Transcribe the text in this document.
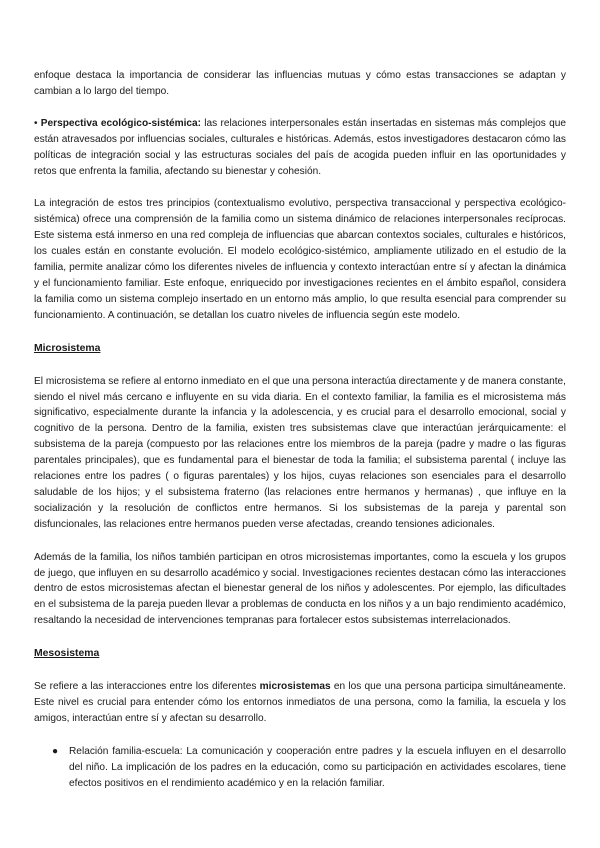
enfoque destaca la importancia de considerar las influencias mutuas y cómo estas transacciones se adaptan y cambian a lo largo del tiempo.

• Perspectiva ecológico-sistémica: las relaciones interpersonales están insertadas en sistemas más complejos que están atravesados por influencias sociales, culturales e históricas. Además, estos investigadores destacaron cómo las políticas de integración social y las estructuras sociales del país de acogida pueden influir en las oportunidades y retos que enfrenta la familia, afectando su bienestar y cohesión.

La integración de estos tres principios (contextualismo evolutivo, perspectiva transaccional y perspectiva ecológico-sistémica) ofrece una comprensión de la familia como un sistema dinámico de relaciones interpersonales recíprocas. Este sistema está inmerso en una red compleja de influencias que abarcan contextos sociales, culturales e históricos, los cuales están en constante evolución. El modelo ecológico-sistémico, ampliamente utilizado en el estudio de la familia, permite analizar cómo los diferentes niveles de influencia y contexto interactúan entre sí y afectan la dinámica y el funcionamiento familiar. Este enfoque, enriquecido por investigaciones recientes en el ámbito español, considera la familia como un sistema complejo insertado en un entorno más amplio, lo que resulta esencial para comprender su funcionamiento. A continuación, se detallan los cuatro niveles de influencia según este modelo.

Microsistema

El microsistema se refiere al entorno inmediato en el que una persona interactúa directamente y de manera constante, siendo el nivel más cercano e influyente en su vida diaria. En el contexto familiar, la familia es el microsistema más significativo, especialmente durante la infancia y la adolescencia, y es crucial para el desarrollo emocional, social y cognitivo de la persona. Dentro de la familia, existen tres subsistemas clave que interactúan jerárquicamente: el subsistema de la pareja (compuesto por las relaciones entre los miembros de la pareja (padre y madre o las figuras parentales principales), que es fundamental para el bienestar de toda la familia; el subsistema parental ( incluye las relaciones entre los padres ( o figuras parentales) y los hijos, cuyas relaciones son esenciales para el desarrollo saludable de los hijos; y el subsistema fraterno (las relaciones entre hermanos y hermanas) , que influye en la socialización y la resolución de conflictos entre hermanos. Si los subsistemas de la pareja y parental son disfuncionales, las relaciones entre hermanos pueden verse afectadas, creando tensiones adicionales.

Además de la familia, los niños también participan en otros microsistemas importantes, como la escuela y los grupos de juego, que influyen en su desarrollo académico y social. Investigaciones recientes destacan cómo las interacciones dentro de estos microsistemas afectan el bienestar general de los niños y adolescentes. Por ejemplo, las dificultades en el subsistema de la pareja pueden llevar a problemas de conducta en los niños y a un bajo rendimiento académico, resaltando la necesidad de intervenciones tempranas para fortalecer estos subsistemas interrelacionados.

Mesosistema

Se refiere a las interacciones entre los diferentes microsistemas en los que una persona participa simultáneamente. Este nivel es crucial para entender cómo los entornos inmediatos de una persona, como la familia, la escuela y los amigos, interactúan entre sí y afectan su desarrollo.

●	Relación familia-escuela: La comunicación y cooperación entre padres y la escuela influyen en el desarrollo del niño. La implicación de los padres en la educación, como su participación en actividades escolares, tiene efectos positivos en el rendimiento académico y en la relación familiar.
